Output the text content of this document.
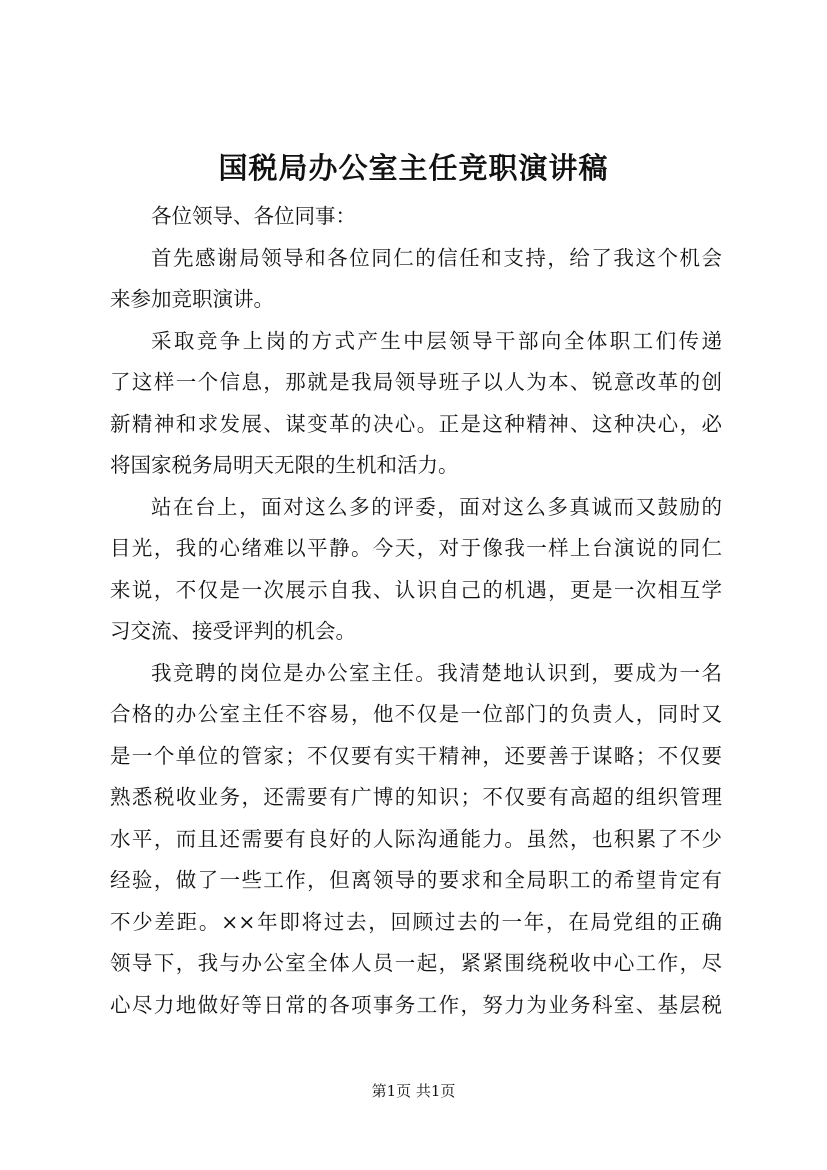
国税局办公室主任竞职演讲稿
各位领导、各位同事：
首先感谢局领导和各位同仁的信任和支持，给了我这个机会
来参加竞职演讲。
采取竞争上岗的方式产生中层领导干部向全体职工们传递
了这样一个信息，那就是我局领导班子以人为本、锐意改革的创
新精神和求发展、谋变革的决心。正是这种精神、这种决心，必
将国家税务局明天无限的生机和活力。
站在台上，面对这么多的评委，面对这么多真诚而又鼓励的
目光，我的心绪难以平静。今天，对于像我一样上台演说的同仁
来说，不仅是一次展示自我、认识自己的机遇，更是一次相互学
习交流、接受评判的机会。
我竞聘的岗位是办公室主任。我清楚地认识到，要成为一名
合格的办公室主任不容易，他不仅是一位部门的负责人，同时又
是一个单位的管家；不仅要有实干精神，还要善于谋略；不仅要
熟悉税收业务，还需要有广博的知识；不仅要有高超的组织管理
水平，而且还需要有良好的人际沟通能力。虽然，也积累了不少
经验，做了一些工作，但离领导的要求和全局职工的希望肯定有
不少差距。××年即将过去，回顾过去的一年，在局党组的正确
领导下，我与办公室全体人员一起，紧紧围绕税收中心工作，尽
心尽力地做好等日常的各项事务工作，努力为业务科室、基层税
第1页 共1页
